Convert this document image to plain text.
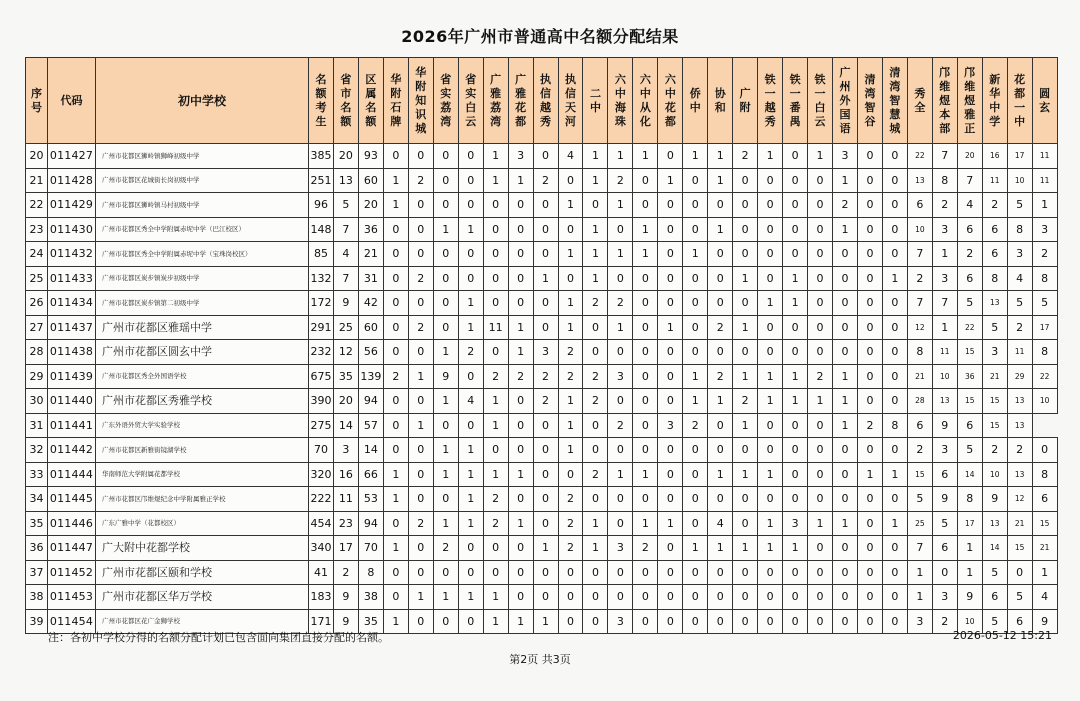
2026年广州市普通高中名额分配结果
序号	代码	初中学校	名额考生	省市名额	区属名额	华附石牌	华附知识城	省实荔湾	省实白云	广雅荔湾	广雅花都	执信越秀	执信天河	二中	六中海珠	六中从化	六中花都	侨中	协和	广附	铁一越秀	铁一番禺	铁一白云	广州外国语	清湾智谷	清湾智慧城	秀全	邝维煜本部	邝维煜雅正	新华中学	花都一中	圆玄
20	011427	广州市花都区狮岭镇狮峰初级中学	385	20	93	0	0	0	0	1	3	0	4	1	1	1	0	1	1	2	1	0	1	3	0	0	22	7	20	16	17	11
21	011428	广州市花都区花城街长岗初级中学	251	13	60	1	2	0	0	1	1	2	0	1	2	0	1	0	1	0	0	0	0	1	0	0	13	8	7	11	10	11
22	011429	广州市花都区狮岭镇马村初级中学	96	5	20	1	0	0	0	0	0	0	1	0	1	0	0	0	0	0	0	0	0	2	0	0	6	2	4	2	5	1
23	011430	广州市花都区秀全中学附属赤坭中学（巴江校区）	148	7	36	0	0	1	1	0	0	0	0	1	0	1	0	0	1	0	0	0	0	1	0	0	10	3	6	6	8	3
24	011432	广州市花都区秀全中学附属赤坭中学（宝珠岗校区）	85	4	21	0	0	0	0	0	0	0	1	1	1	1	0	1	0	0	0	0	0	0	0	0	7	1	2	6	3	2
25	011433	广州市花都区炭步镇炭步初级中学	132	7	31	0	2	0	0	0	0	1	0	1	0	0	0	0	0	1	0	1	0	0	0	1	2	3	6	8	4	8
26	011434	广州市花都区炭步镇第二初级中学	172	9	42	0	0	0	1	0	0	0	1	2	2	0	0	0	0	0	1	1	0	0	0	0	7	7	5	13	5	5
27	011437	广州市花都区雅瑶中学	291	25	60	0	2	0	1	11	1	0	1	0	1	0	1	0	2	1	0	0	0	0	0	0	12	1	22	5	2	17
28	011438	广州市花都区圆玄中学	232	12	56	0	0	1	2	0	1	3	2	0	0	0	0	0	0	0	0	0	0	0	0	0	8	11	15	3	11	8
29	011439	广州市花都区秀全外国语学校	675	35	139	2	1	9	0	2	2	2	2	2	3	0	0	1	2	1	1	1	2	1	0	0	21	10	36	21	29	22
30	011440	广州市花都区秀雅学校	390	20	94	0	0	1	4	1	0	2	1	2	0	0	0	1	1	2	1	1	1	1	0	0	28	13	15	15	13	10
31	011441	广东外语外贸大学实验学校	275	14	57	0	1	0	0	1	0	0	1	0	2	0	3	2	0	1	0	0	0	1	2	8	6	9	6	15	13	
32	011442	广州市花都区新雅街镜湖学校	70	3	14	0	0	1	1	0	0	0	1	0	0	0	0	0	0	0	0	0	0	0	0	0	2	3	5	2	2	0
33	011444	华南师范大学附属花都学校	320	16	66	1	0	1	1	1	1	0	0	2	1	1	0	0	1	1	1	0	0	0	1	1	15	6	14	10	13	8
34	011445	广州市花都区邝维煜纪念中学附属雅正学校	222	11	53	1	0	0	1	2	0	0	2	0	0	0	0	0	0	0	0	0	0	0	0	0	5	9	8	9	12	6
35	011446	广东广雅中学（花都校区）	454	23	94	0	2	1	1	2	1	0	2	1	0	1	1	0	4	0	1	3	1	1	0	1	25	5	17	13	21	15
36	011447	广大附中花都学校	340	17	70	1	0	2	0	0	0	1	2	1	3	2	0	1	1	1	1	1	0	0	0	0	7	6	1	14	15	21
37	011452	广州市花都区颐和学校	41	2	8	0	0	0	0	0	0	0	0	0	0	0	0	0	0	0	0	0	0	0	0	0	1	0	1	5	0	1
38	011453	广州市花都区华万学校	183	9	38	0	1	1	1	1	0	0	0	0	0	0	0	0	0	0	0	0	0	0	0	0	1	3	9	6	5	4
39	011454	广州市花都区花广金狮学校	171	9	35	1	0	0	0	1	1	1	0	0	3	0	0	0	0	0	0	0	0	0	0	0	3	2	10	5	6	9
注：各初中学校分得的名额分配计划已包含面向集团直接分配的名额。	2026-05-12 15:21
第2页 共3页
